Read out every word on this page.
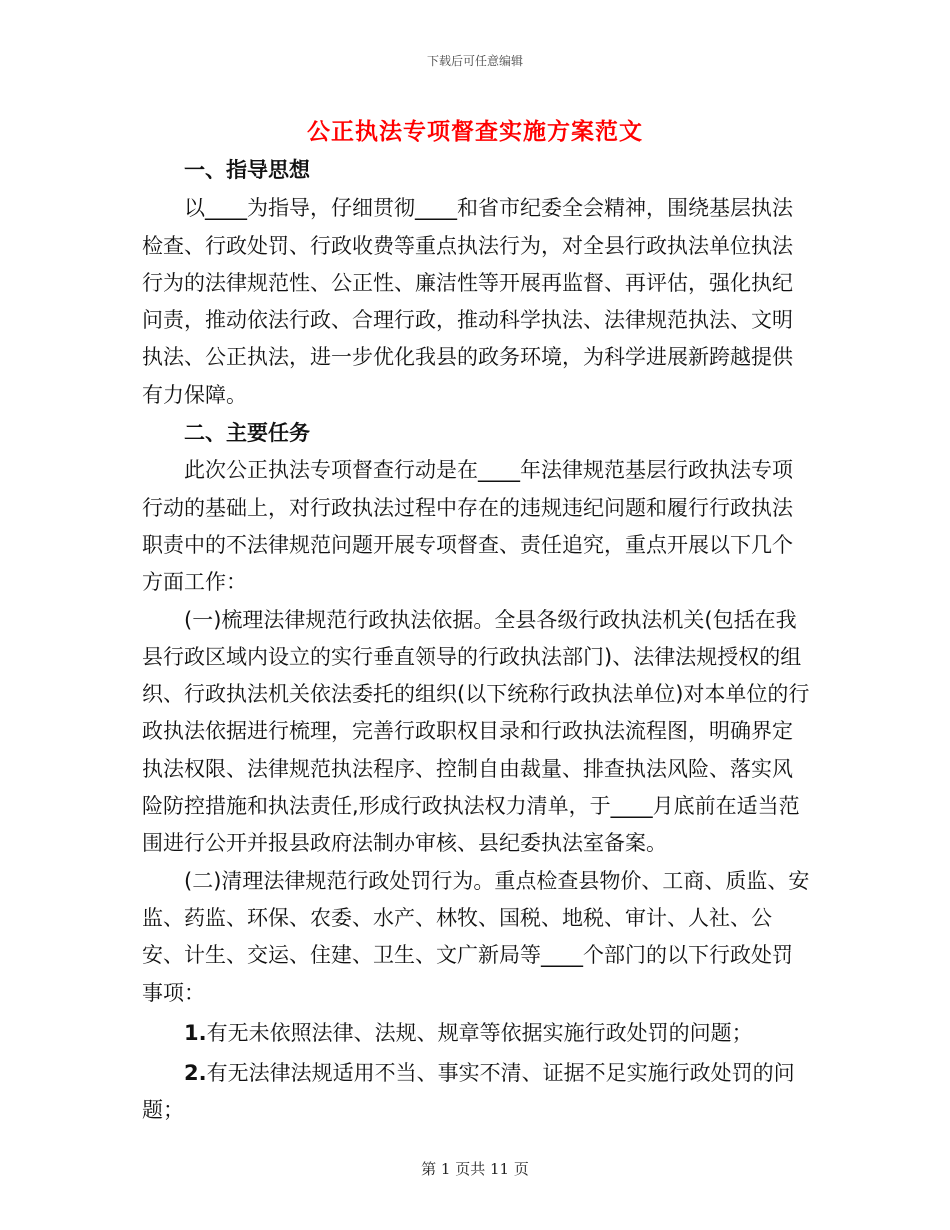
下载后可任意编辑

公正执法专项督查实施方案范文

一、指导思想

以____为指导，仔细贯彻____和省市纪委全会精神，围绕基层执法检查、行政处罚、行政收费等重点执法行为，对全县行政执法单位执法行为的法律规范性、公正性、廉洁性等开展再监督、再评估，强化执纪问责，推动依法行政、合理行政，推动科学执法、法律规范执法、文明执法、公正执法，进一步优化我县的政务环境，为科学进展新跨越提供有力保障。

二、主要任务

此次公正执法专项督查行动是在____年法律规范基层行政执法专项行动的基础上，对行政执法过程中存在的违规违纪问题和履行行政执法职责中的不法律规范问题开展专项督查、责任追究，重点开展以下几个方面工作：

(一)梳理法律规范行政执法依据。全县各级行政执法机关(包括在我县行政区域内设立的实行垂直领导的行政执法部门)、法律法规授权的组织、行政执法机关依法委托的组织(以下统称行政执法单位)对本单位的行政执法依据进行梳理，完善行政职权目录和行政执法流程图，明确界定执法权限、法律规范执法程序、控制自由裁量、排查执法风险、落实风险防控措施和执法责任,形成行政执法权力清单，于____月底前在适当范围进行公开并报县政府法制办审核、县纪委执法室备案。

(二)清理法律规范行政处罚行为。重点检查县物价、工商、质监、安监、药监、环保、农委、水产、林牧、国税、地税、审计、人社、公安、计生、交运、住建、卫生、文广新局等____个部门的以下行政处罚事项：

1.有无未依照法律、法规、规章等依据实施行政处罚的问题；

2.有无法律法规适用不当、事实不清、证据不足实施行政处罚的问题；

第 1 页共 11 页
